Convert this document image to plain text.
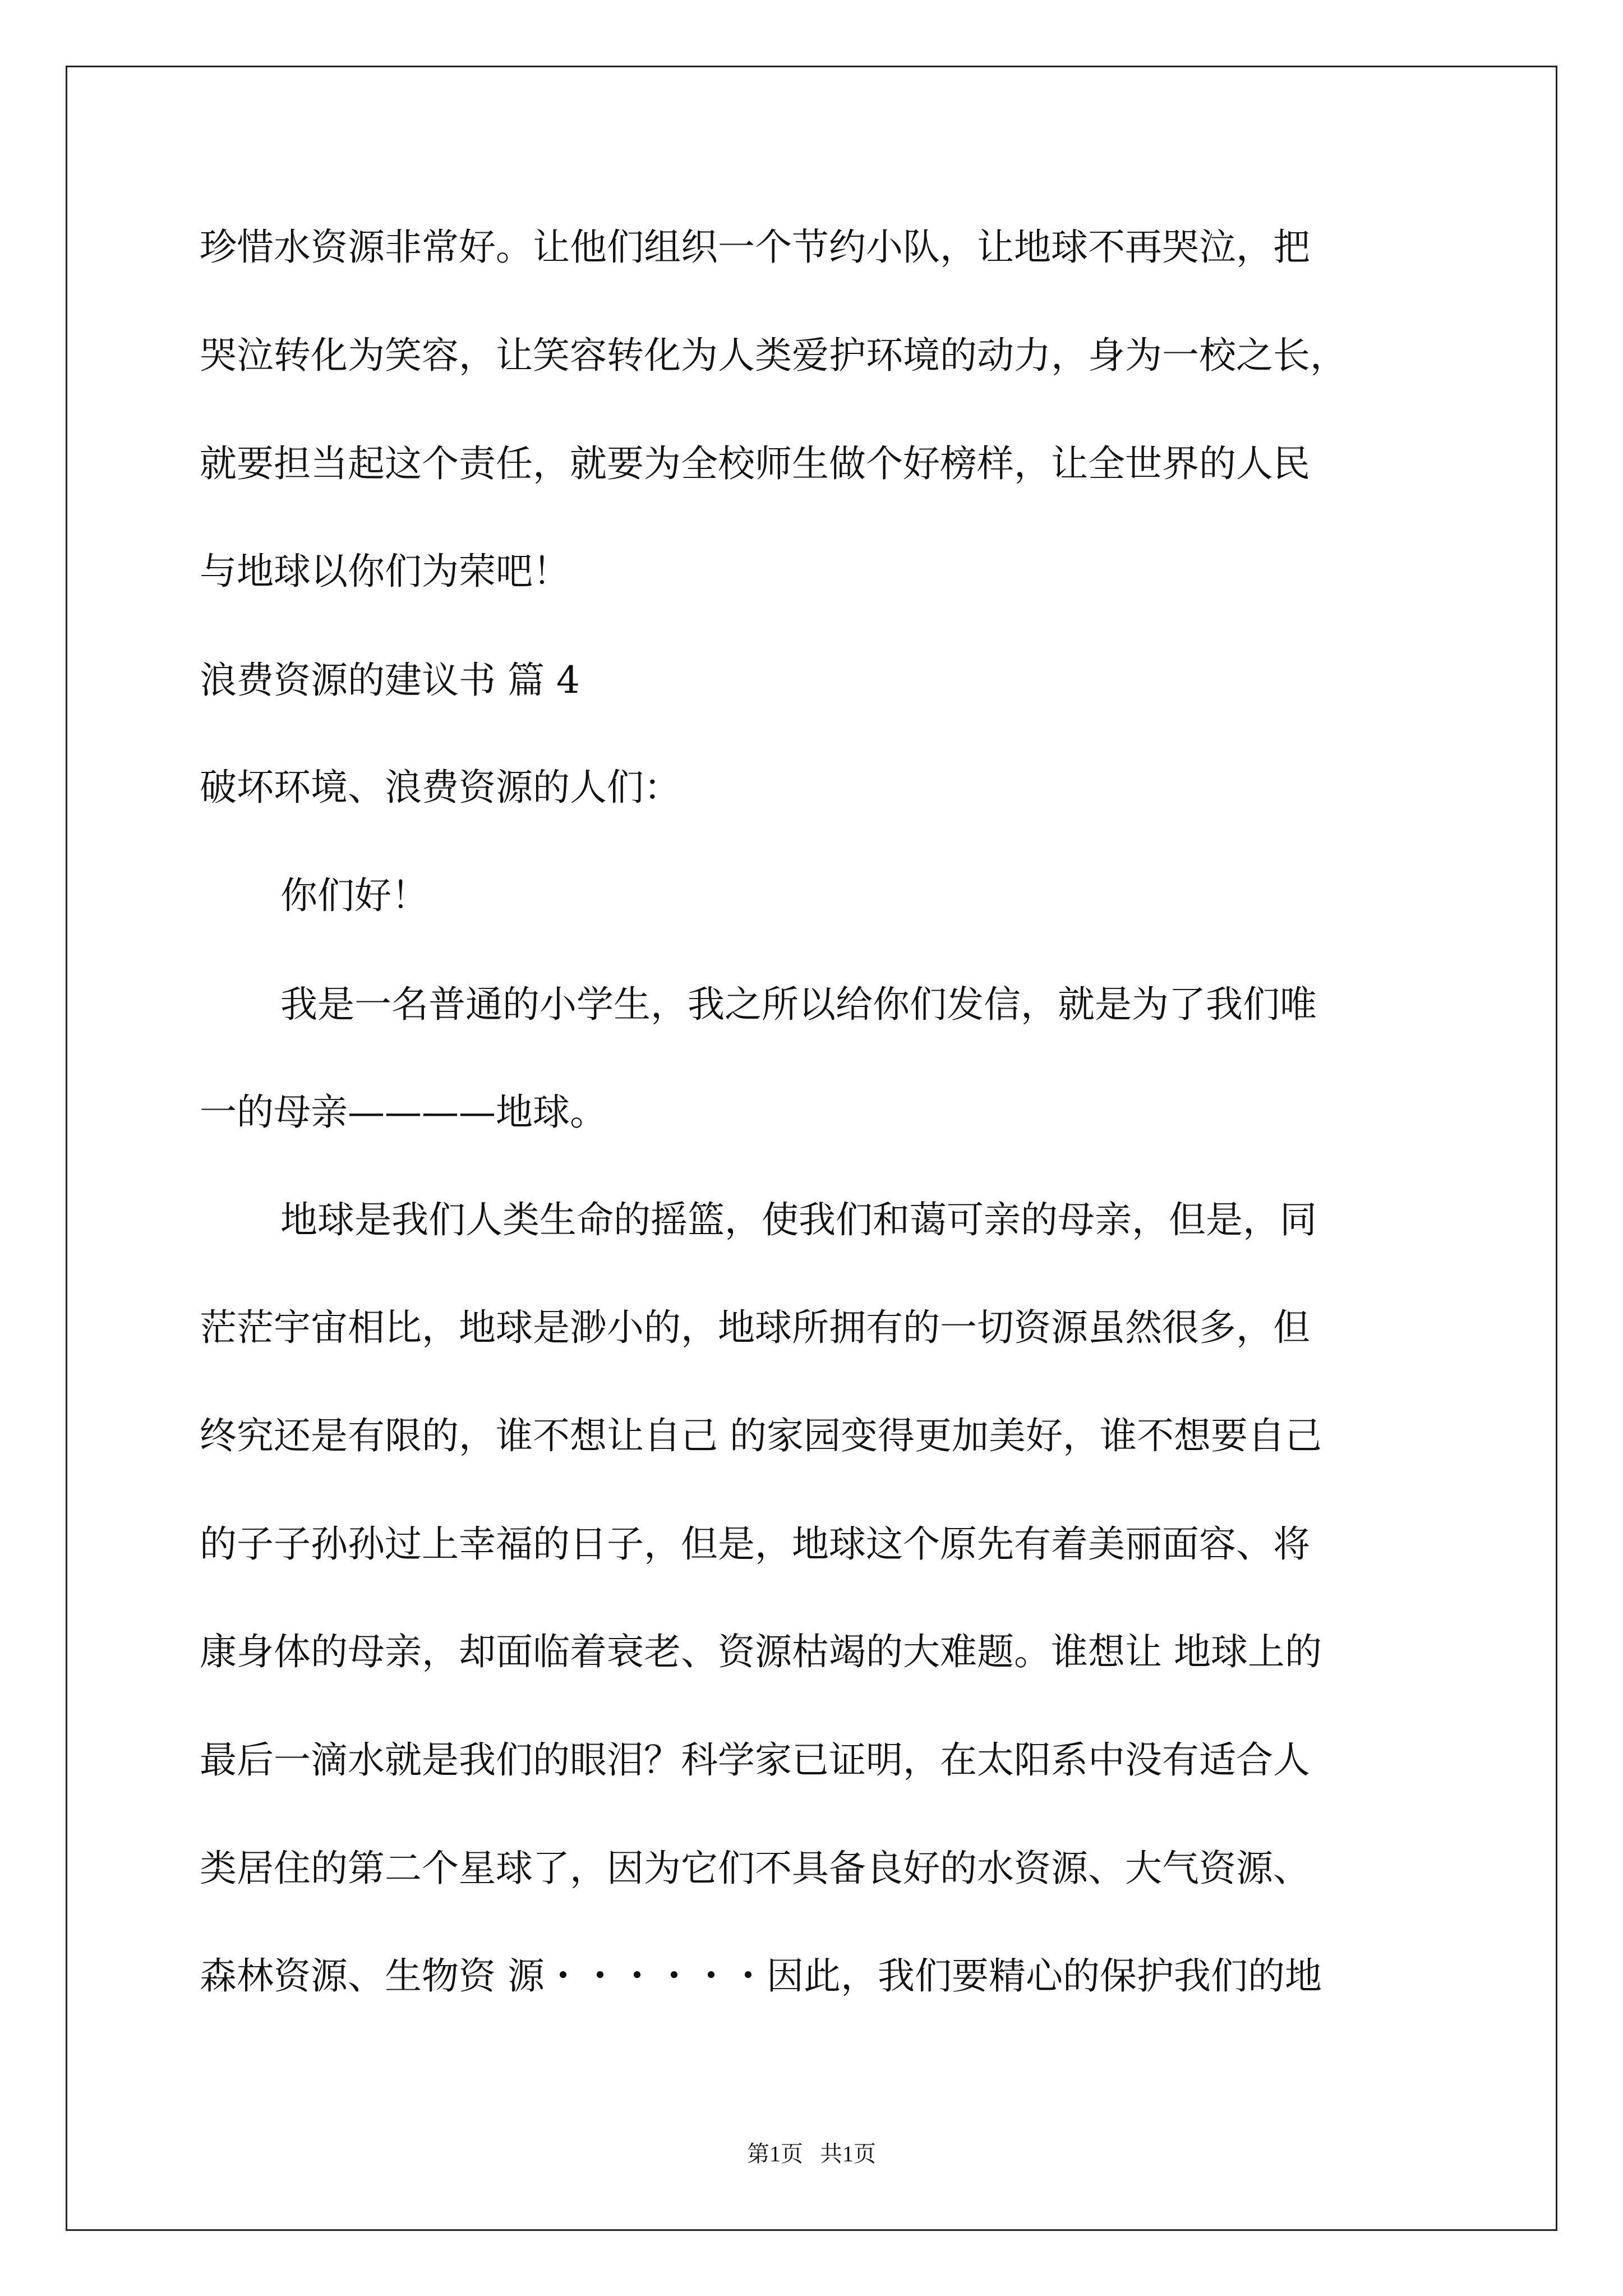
珍惜水资源非常好。让他们组织一个节约小队，让地球不再哭泣，把
哭泣转化为笑容，让笑容转化为人类爱护环境的动力，身为一校之长，
就要担当起这个责任，就要为全校师生做个好榜样，让全世界的人民
与地球以你们为荣吧！
浪费资源的建议书 篇 4
破坏环境、浪费资源的人们：
你们好！
我是一名普通的小学生，我之所以给你们发信，就是为了我们唯
一的母亲————地球。
地球是我们人类生命的摇篮，使我们和蔼可亲的母亲，但是，同
茫茫宇宙相比，地球是渺小的，地球所拥有的一切资源虽然很多，但
终究还是有限的，谁不想让自己 的家园变得更加美好，谁不想要自己
的子子孙孙过上幸福的日子，但是，地球这个原先有着美丽面容、将
康身体的母亲，却面临着衰老、资源枯竭的大难题。谁想让 地球上的
最后一滴水就是我们的眼泪？科学家已证明，在太阳系中没有适合人
类居住的第二个星球了，因为它们不具备良好的水资源、大气资源、
森林资源、生物资 源・・・・・・因此，我们要精心的保护我们的地
第1页   共1页
